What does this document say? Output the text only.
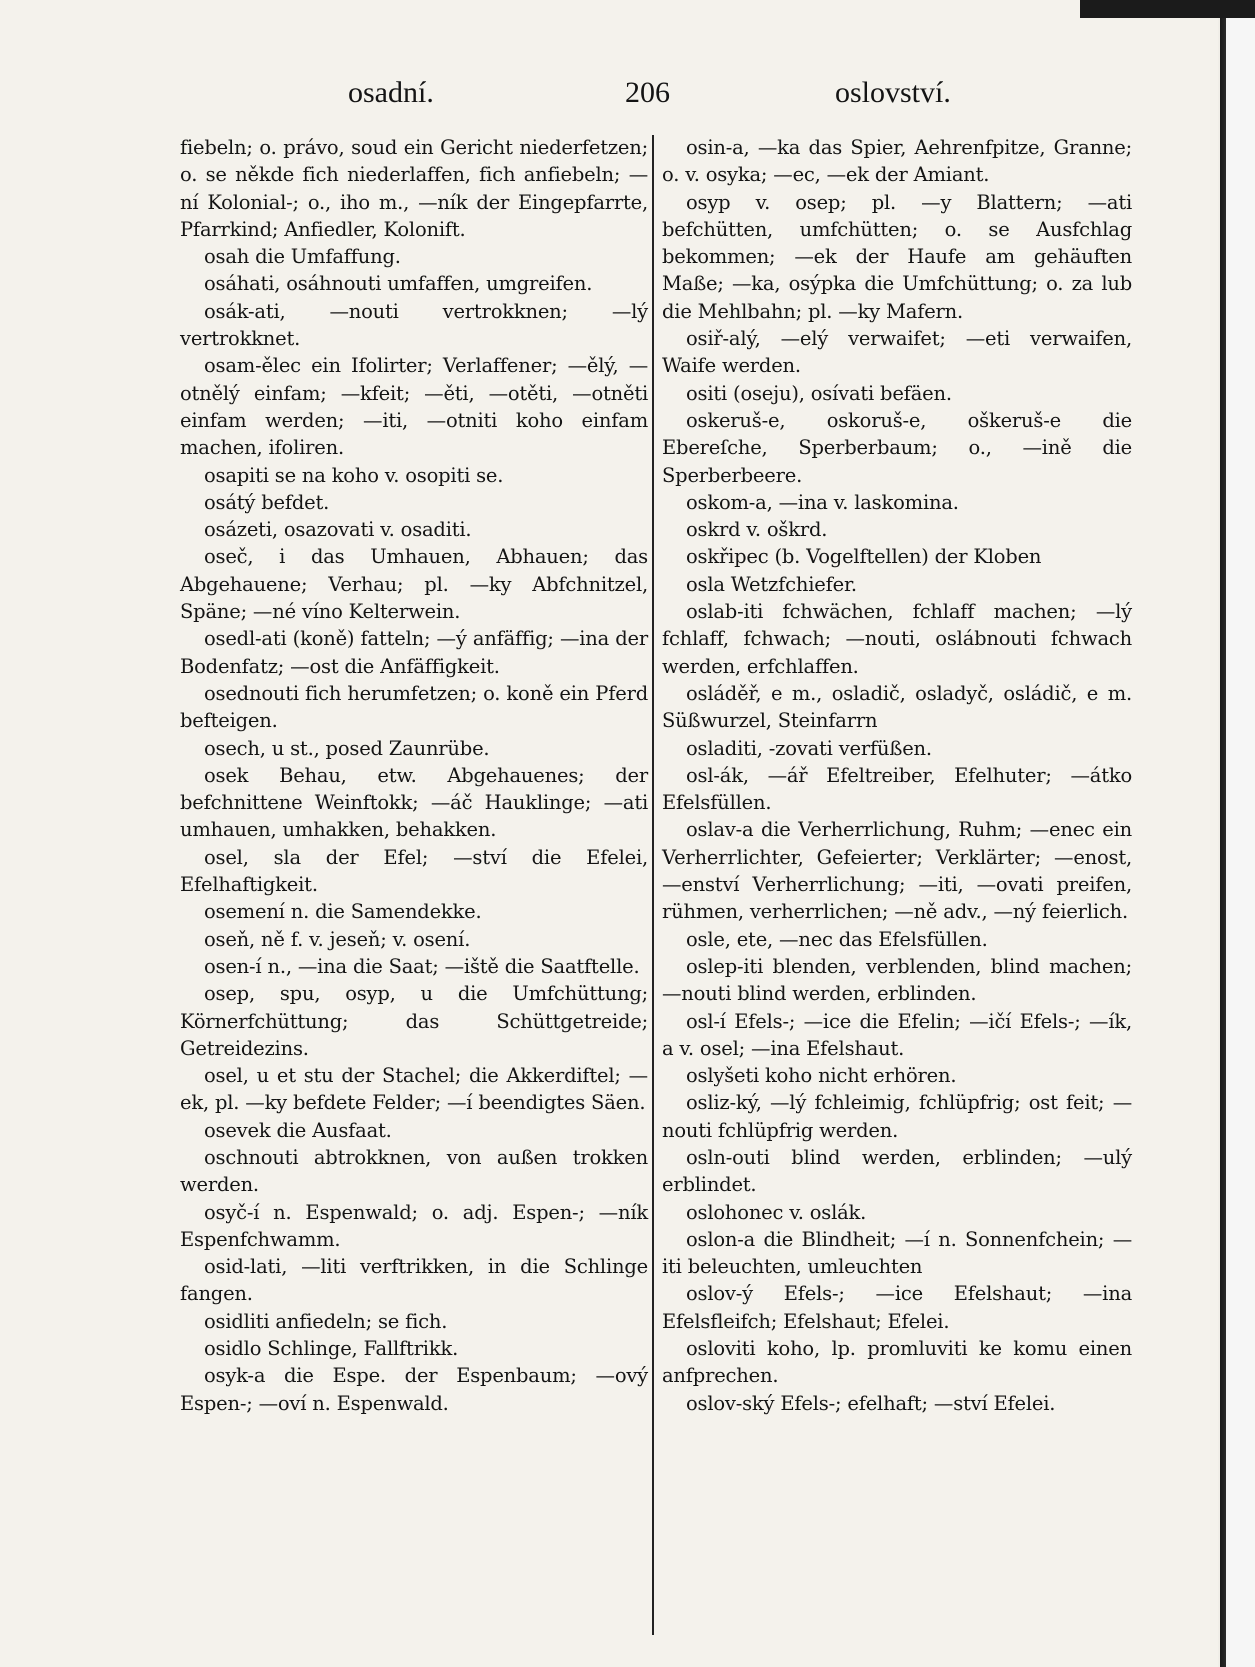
osadní.	206	oslovství.
fiebeln; o. právo, soud ein Gericht niederfetzen; o. se někde fich niederlaffen, fich anfiebeln; —ní Kolonial-; o., iho m., —ník der Eingepfarrte, Pfarrkind; Anfiedler, Kolonift.
osah die Umfaffung.
osáhati, osáhnouti umfaffen, umgreifen.
osák-ati, —nouti vertrokknen; —lý vertrokknet.
osam-ělec ein Ifolirter; Verlaffener; —ělý, —otnělý einfam; —kfeit; —ěti, —otěti, —otněti einfam werden; —iti, —otniti koho einfam machen, ifoliren.
osapiti se na koho v. osopiti se.
osátý befdet.
osázeti, osazovati v. osaditi.
oseč, i das Umhauen, Abhauen; das Abgehauene; Verhau; pl. —ky Abfchnitzel, Späne; —né víno Kelterwein.
osedl-ati (koně) fatteln; —ý anfäffig; —ina der Bodenfatz; —ost die Anfäffigkeit.
osednouti fich herumfetzen; o. koně ein Pferd befteigen.
osech, u st., posed Zaunrübe.
osek Behau, etw. Abgehauenes; der befchnittene Weinftokk; —áč Hauklinge; —ati umhauen, umhakken, behakken.
osel, sla der Efel; —ství die Efelei, Efelhaftigkeit.
osemení n. die Samendekke.
oseň, ně f. v. jeseň; v. osení.
osen-í n., —ina die Saat; —iště die Saatftelle.
osep, spu, osyp, u die Umfchüttung; Körnerfchüttung; das Schüttgetreide; Getreidezins.
osel, u et stu der Stachel; die Akkerdiftel; —ek, pl. —ky befdete Felder; —í beendigtes Säen.
osevek die Ausfaat.
oschnouti abtrokknen, von außen trokken werden.
osyč-í n. Espenwald; o. adj. Espen-; —ník Espenfchwamm.
osid-lati, —liti verftrikken, in die Schlinge fangen.
osidliti anfiedeln; se fich.
osidlo Schlinge, Fallftrikk.
osyk-a die Espe. der Espenbaum; —ový Espen-; —oví n. Espenwald.
osin-a, —ka das Spier, Aehrenfpitze, Granne; o. v. osyka; —ec, —ek der Amiant.
osyp v. osep; pl. —y Blattern; —ati befchütten, umfchütten; o. se Ausfchlag bekommen; —ek der Haufe am gehäuften Maße; —ka, osýpka die Umfchüttung; o. za lub die Mehlbahn; pl. —ky Mafern.
osiř-alý, —elý verwaifet; —eti verwaifen, Waife werden.
ositi (oseju), osívati befäen.
oskeruš-e, oskoruš-e, oškeruš-e die Ebereſche, Sperberbaum; o., —ině die Sperberbeere.
oskom-a, —ina v. laskomina.
oskrd v. oškrd.
oskřipec (b. Vogelftellen) der Kloben
osla Wetzfchiefer.
oslab-iti fchwächen, fchlaff machen; —lý fchlaff, fchwach; —nouti, oslábnouti fchwach werden, erfchlaffen.
osláděř, e m., osladič, osladyč, osládič, e m. Süßwurzel, Steinfarrn
osladiti, -zovati verfüßen.
osl-ák, —ář Efeltreiber, Efelhuter; —átko Efelsfüllen.
oslav-a die Verherrlichung, Ruhm; —enec ein Verherrlichter, Gefeierter; Verklärter; —enost, —enství Verherrlichung; —iti, —ovati preifen, rühmen, verherrlichen; —ně adv., —ný feierlich.
osle, ete, —nec das Efelsfüllen.
oslep-iti blenden, verblenden, blind machen; —nouti blind werden, erblinden.
osl-í Efels-; —ice die Efelin; —ičí Efels-; —ík, a v. osel; —ina Efelshaut.
oslyšeti koho nicht erhören.
osliz-ký, —lý fchleimig, fchlüpfrig; ost feit; —nouti fchlüpfrig werden.
osln-outi blind werden, erblinden; —ulý erblindet.
oslohonec v. oslák.
oslon-a die Blindheit; —í n. Sonnenfchein; —iti beleuchten, umleuchten
oslov-ý Efels-; —ice Efelshaut; —ina Efelsfleifch; Efelshaut; Efelei.
osloviti koho, lp. promluviti ke komu einen anfprechen.
oslov-ský Efels-; efelhaft; —ství Efelei.
